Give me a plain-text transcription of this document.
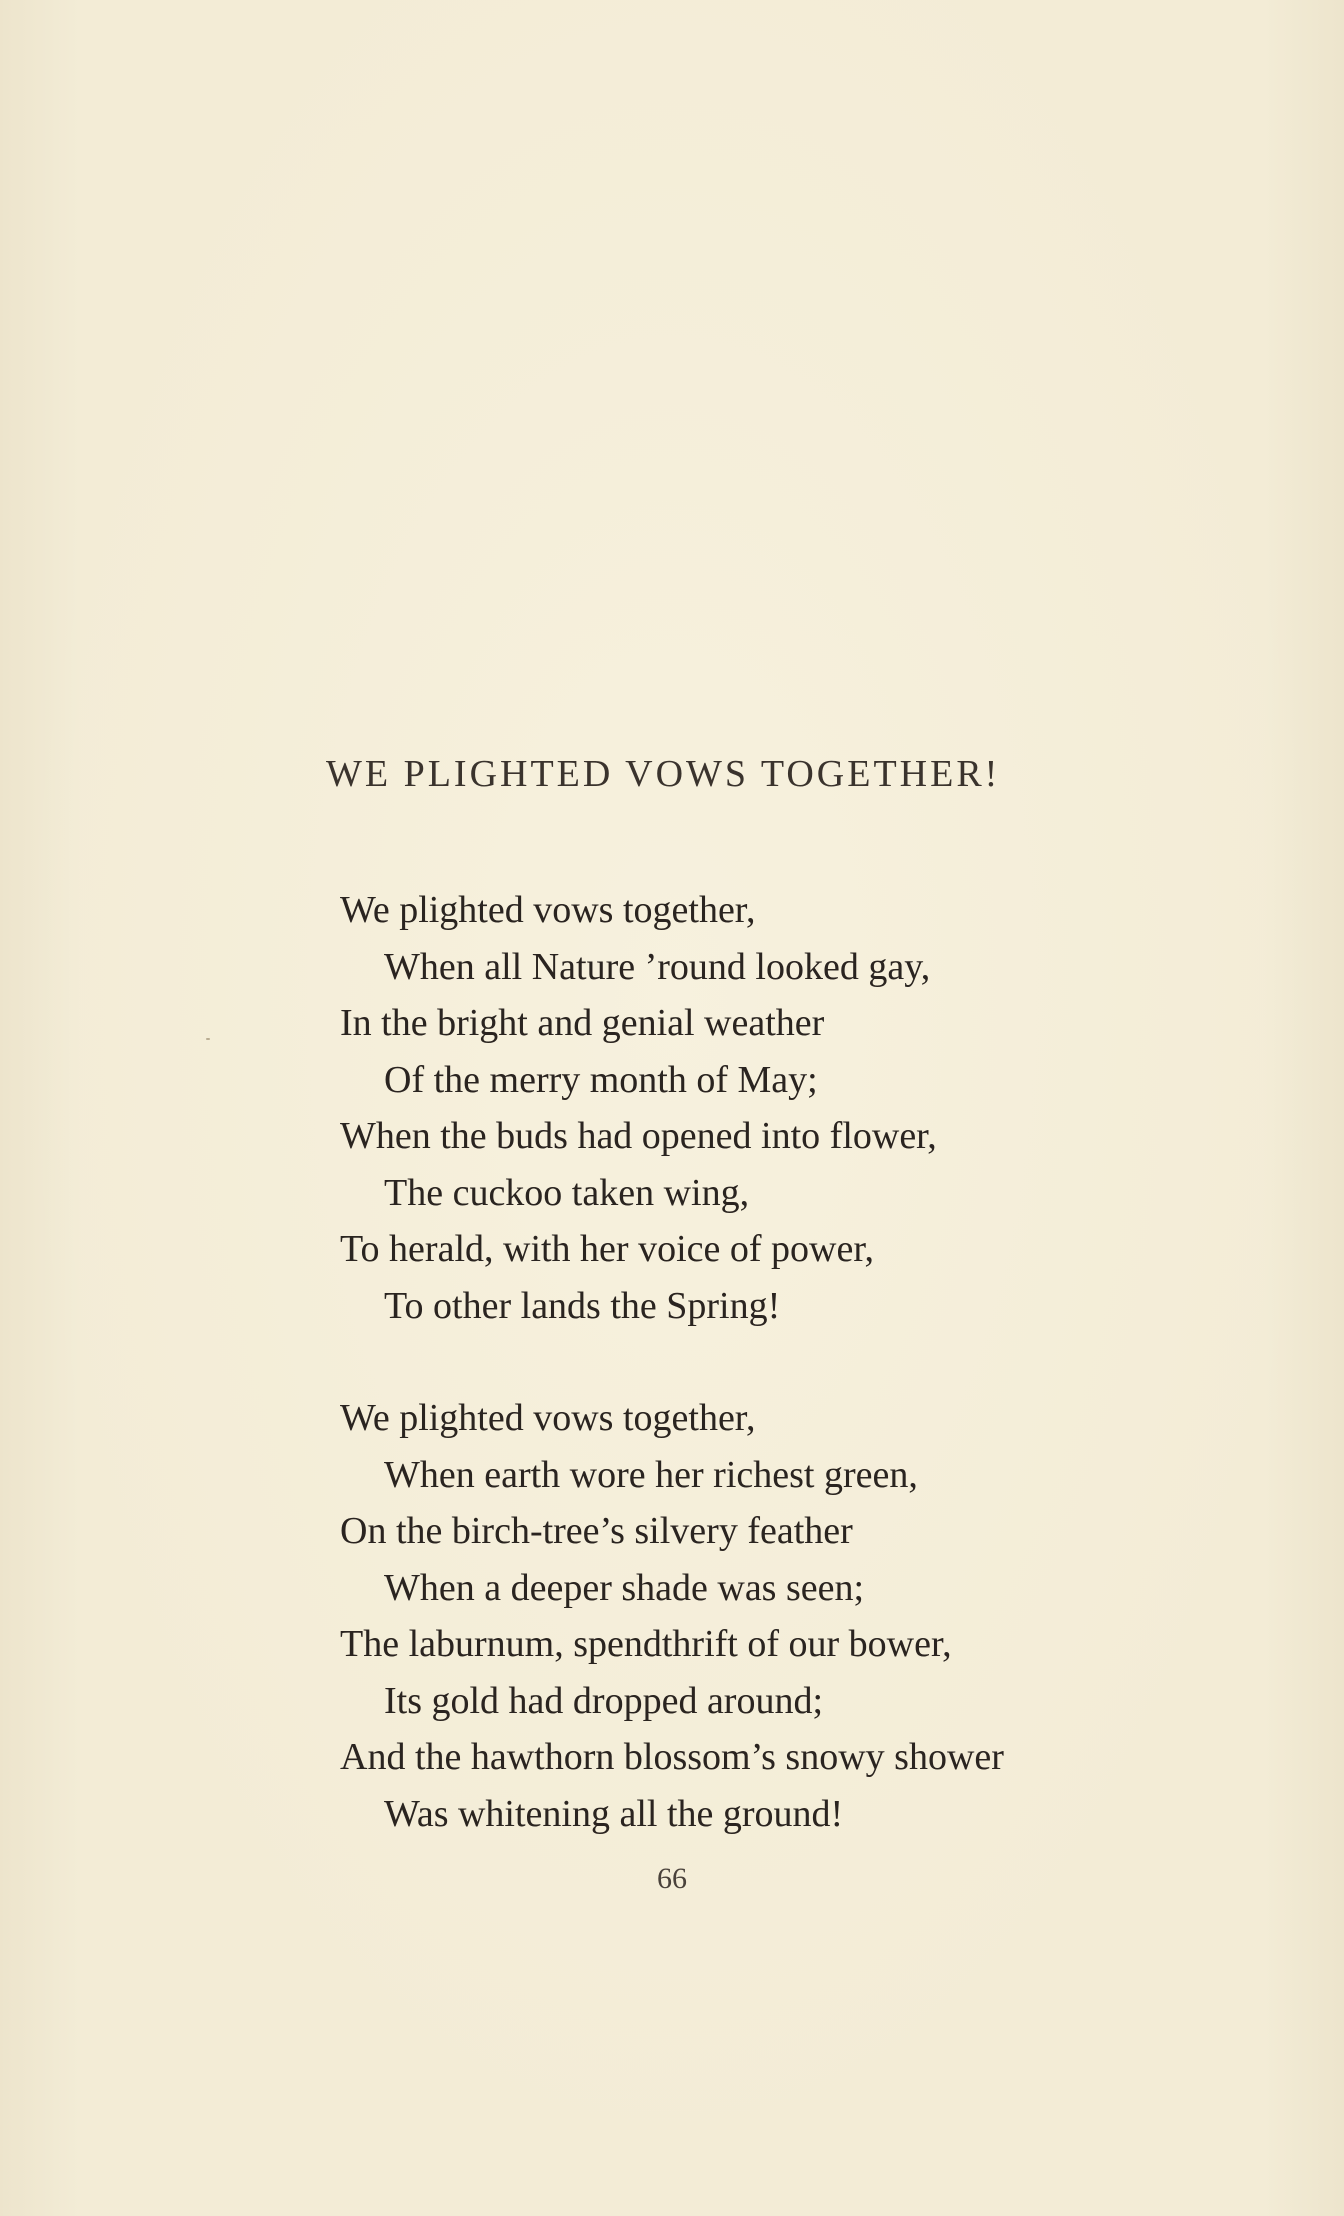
WE PLIGHTED VOWS TOGETHER!
We plighted vows together,
When all Nature ’round looked gay,
In the bright and genial weather
Of the merry month of May;
When the buds had opened into flower,
The cuckoo taken wing,
To herald, with her voice of power,
To other lands the Spring!
We plighted vows together,
When earth wore her richest green,
On the birch-tree’s silvery feather
When a deeper shade was seen;
The laburnum, spendthrift of our bower,
Its gold had dropped around;
And the hawthorn blossom’s snowy shower
Was whitening all the ground!
66
